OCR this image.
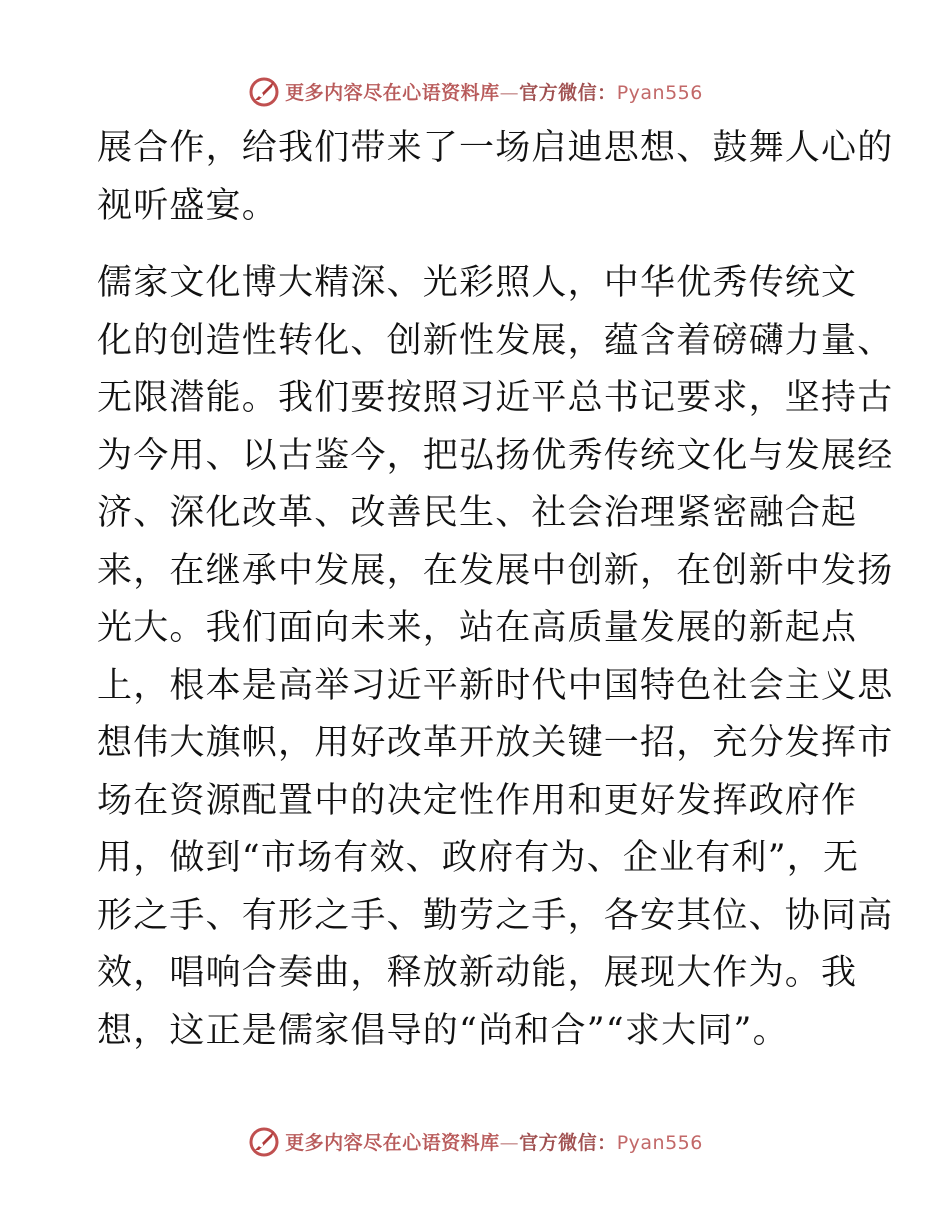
更多内容尽在心语资料库—官方微信：Pyan556
展合作，给我们带来了一场启迪思想、鼓舞人心的
视听盛宴。
儒家文化博大精深、光彩照人，中华优秀传统文
化的创造性转化、创新性发展，蕴含着磅礴力量、
无限潜能。我们要按照习近平总书记要求，坚持古
为今用、以古鉴今，把弘扬优秀传统文化与发展经
济、深化改革、改善民生、社会治理紧密融合起
来，在继承中发展，在发展中创新，在创新中发扬
光大。我们面向未来，站在高质量发展的新起点
上，根本是高举习近平新时代中国特色社会主义思
想伟大旗帜，用好改革开放关键一招，充分发挥市
场在资源配置中的决定性作用和更好发挥政府作
用，做到“市场有效、政府有为、企业有利”，无
形之手、有形之手、勤劳之手，各安其位、协同高
效，唱响合奏曲，释放新动能，展现大作为。我
想，这正是儒家倡导的“尚和合”“求大同”。
更多内容尽在心语资料库—官方微信：Pyan556
